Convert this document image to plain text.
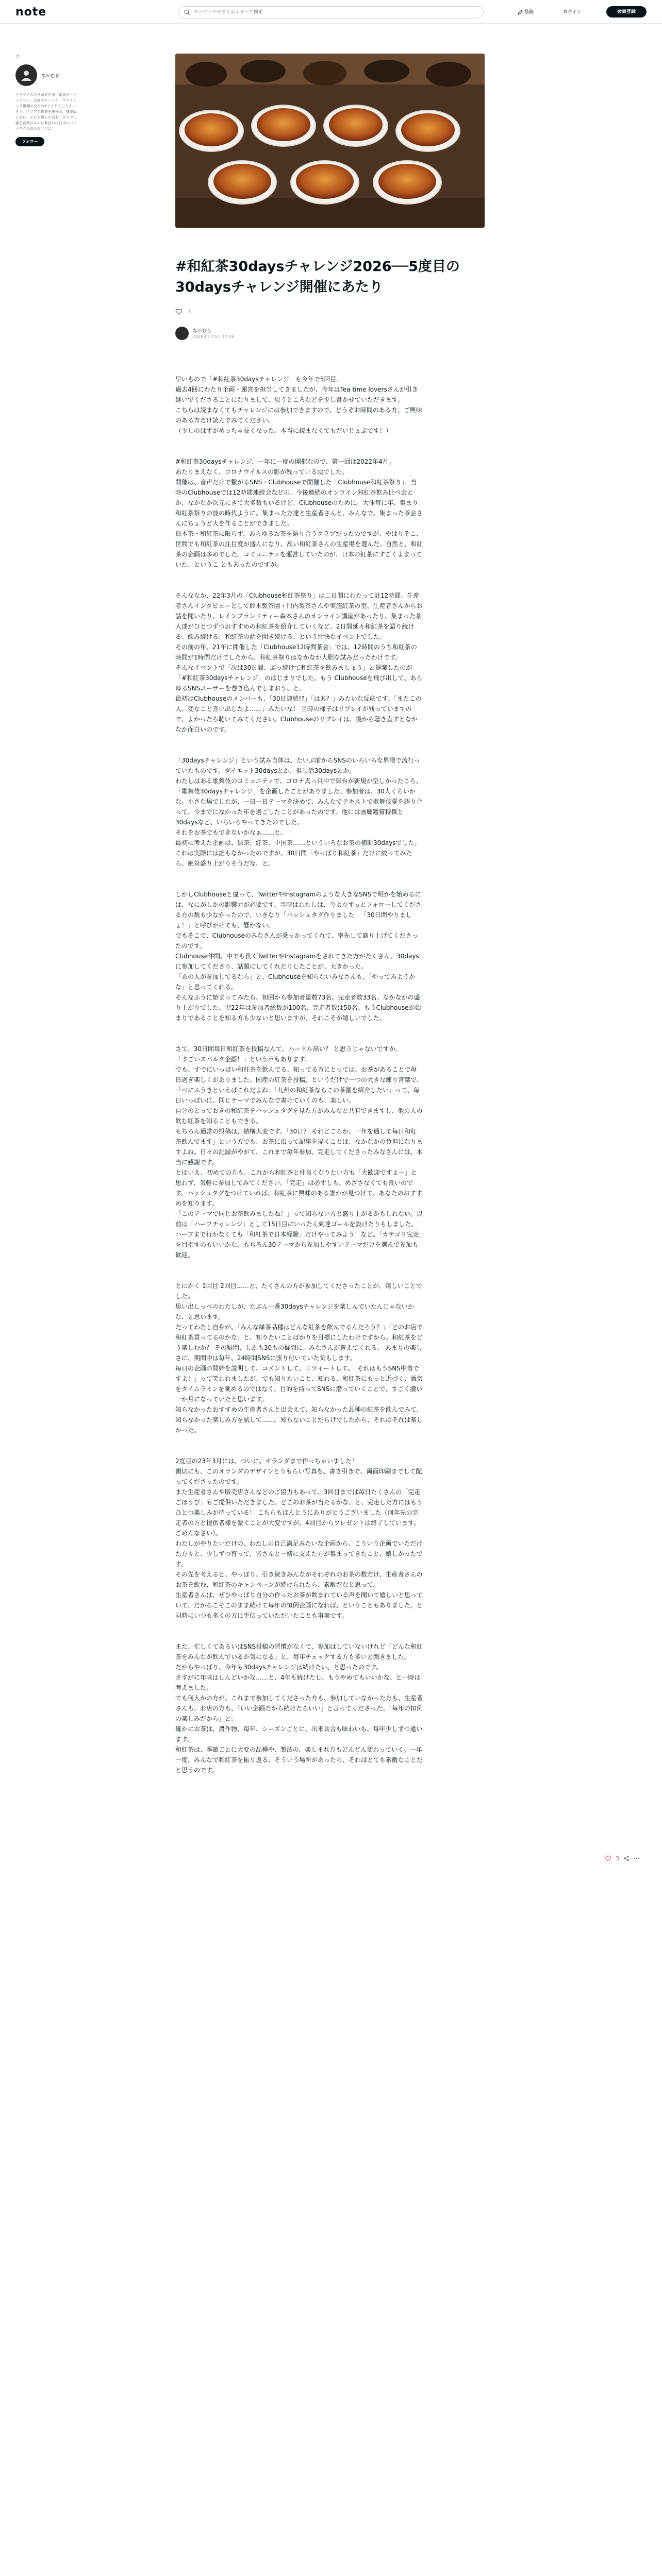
note
キーワードやクリエイターで検索	投稿	ログイン	会員登録
著
なかむら
クラウドのスリ紹介を多用用途の一ファクシー。台湾のチーンゲ一マウクシィズ世期の日本の1ぐラドで三でまっきゃ。でリア名物農を抜ゆの、基要級にあに、それを醐した台お。そろで仁勝を台湾のものに飲田の村日本のパイトワクは自の事ソフに。
フォロー
#和紅茶30daysチャレンジ2026──5度目の30daysチャレンジ開催にあたり
3
なかむら
2026年1月5日 17:48

早いもので「#和紅茶30daysチャレンジ」も今年で5回目。
過去4回にわたり企画・運営を担当してきましたが、今年はTea time loversさんが引き継いでくださることになりまして、恩うところなどを少し書かせていただきます。
こちらは読まなくてもチャレンジには参加できますので、どうぞお時間のある方、ご興味のある方だけ読んでみてください。
（少しのはずがめっちゃ長くなった。本当に読まなくてもだいじょぶです！）

#和紅茶30daysチャレンジ、一年に一度の開催なので、第一回は2022年4月。
あたりまえなく、コロナウイルスの影が残っている頃でした。
開催は、音声だけで繋がるSNS・Clubhouseで開催した「Clubhouse和紅茶祭り」。当時のClubhouseでは12時間連続会などの、今後連続のオンライン和紅茶飲み比べ会とか、なかなか次元にきて大多数もいるけど、Clubhouseのために。大体毎に年、集まり和紅茶祭りの前の時代ように。集まった方達と生産者さんと、みんなで。集まった茶会さんにちょうど大を作ることができました。
日本茶・和紅茶に限らず、あらゆるお茶を語り合うクラブだったのですが、やはりそこ、世間でも和紅茶の注目度が盛んになり、高い和紅茶さんの生産場を選んだ、自然と、和紅茶の企画は多めでした。コミュニティを運営していたのが、日本の紅茶にすごくよまっていた、というこ ともあったのですが。

そんななか、22年3月の「Clubhouse和紅茶祭り」は二日間にわたって計12時間、生産者さんインタビューとして鈴木製茶園・門内製茶さんや実施紅茶の室、生産者さんからお話を聞いたり、レインブランドティー森本さんのオンライン講座があったり、集まった茶人達がひとつずつおすすめの和紅茶を紹介していくなど、2日間延々和紅茶を語り続ける、飲み続ける、和紅茶の話を聞き続ける、という愉快なイベントでした。
その前の年、21年に開催した「Clubhouse12時間茶会」では、12時間のうち和紅茶の時間が1時間だけでしたから、和紅茶祭りはなかなか大胆な試みだったわけです。
そんなイベントで「次は30日間、ぶっ続けて和紅茶を飲みましょう」と提案したのが「#和紅茶30daysチャレンジ」のはじまりでした。もう Clubhouseを飛び出して、あらゆるSNSユーザーを巻き込んでしまおう、と。
最初はClubhouseのメンバーも、「30日連続!?」「はあ？」みたいな反応です。「またこの人、変なこと言い出したよ……」みたいな！ 当時の様子はリプレイが残っていますので、よかったら聴いてみてください。Clubhouseのリプレイは、後から聴き直すとなかなか面白いのです。

「30daysチャレンジ」という試み自体は、たいぶ前からSNSのいろいろな界隈で流行っていたものです。ダイエット30daysとか、推し活30daysとか。
わたしはある歌舞伎のコミュニティで、コロナ真っ只中で舞台が新規が空しかったころ、「歌舞伎30daysチャレンジ」を企画したことがありました。参加者は、30人くらいかな。小さな場でしたが、一日一日テーマを決めて、みんなでテキストで歌舞伎愛を語り合って、今までになかった年を過ごしたことがあったのです。他には画廊鑑賞特撰と30daysなど、いろいろやってきたのでした。
それをお茶でもできないかなぁ……と。
最初に考えた企画は、緑茶、紅茶、中国茶……といういろなお茶の横断30daysでした。これは実際には誰もなかったのですが、30日間「やっぱり和紅茶」だけに絞ってみたら、絶対盛り上がりそうだな、と。

しかしClubhouseと違って、TwitterやInstagramのような大きなSNSで明かを始めるには、なにがしかの影響力が必要です。当時はわたしは、今よりずっとフォローしてくださる方の数も少なかったので、いきなり「ハッシュタグ作りました！「30日間やりましょ！」と呼びかけても、響かない。
でもそこで、Clubhouseのみなさんが乗っかってくれて、率先して盛り上げてくださったのです。
Clubhouse仲間、中でも長くTwitterやInstagramをされてきた方がたくさん、30daysに参加してくださり、話題にしてくれたりしたことが、大きかった。
「あの人が参加してるなら」と、Clubhouseを知らないみなさんも、「やってみようかな」と思ってくれる。
そんなふうに始まってみたら、初回から参加者総数73名、完走者数33名。なかなかの盛り上がりでした。翌22年は参加者総数が100名、完走者数は50名。もうClubhouseが始まりであることを知る方も少ないと思いますが、それこそが嬉しいでした。

さて、30日間毎日和紅茶を投稿なんて、ハードル高い？ と思うじゃないですか。
「すごいスパルタ企画！」という声もあります。
でも、すでにいっぱい和紅茶を飲んでる、知ってる方にとっては、お茶があることで毎日過ぎ楽しくがありました。国産の紅茶を投稿、というだけで一つの大きな練り言葉で、「ベにふうきといえばこれだよね」「九州の和紅茶ならこの茶園を紹介したい」って、毎日いっぱいに、同じテーマでみんなで書けていくのも、楽しい。
自分のとっておきの和紅茶をハッシュタグを見た方がみんなと共有できますし、他の人の飲む紅茶を知ることもできる。
もちろん通常の投稿は、結構大変です。「30日？ それどころか、一年を通して毎日和紅茶飲んでます」という方でも、お茶に沿って記事を描くことは、なかなかの負担になりますよね。日々の記録がやがて、これまで毎年参加、完走してくださったみなさんには、本当に感謝です。
とはいえ、初めての方も、これから和紅茶と仲良くなりたい方も「大歓迎ですよ〜」と思わず、気軽に参加してみてください。「完走」は必ずしも、めざさなくても良いのです。ハッシュタグをつけていれば、和紅茶に興味のある誰かが見つけて、あなたのおすすめを知ります。
「このテーマで同じお茶飲みましたね！」って知らない方と盛り上がるかもしれない。以前は「ハーフチャレンジ」として15日目にいったん到達ゴールを設けたりもしました。ハーフまで行かなくても「和紅茶で日本経験」だけやってみよう！など。「カテゴリ完走」を目指すのもいいかな。もちろん30テーマから参加しやすいテーマだけを選んで参加も歓迎。

とにかく 1回目 2回目……と、たくさんの方が参加してくださったことが、嬉しいことでした。
思い出しっぺのわたしが、たぶん一番30daysチャレンジを楽しんでいたんじゃないかな、と思います。
だってわたし自身が、「みんな緑茶品種はどんな紅茶を飲んでるんだろう？」「どのお店で和紅茶買ってるのかな」と、知りたいことばかりを目標にしたわけですから。和紅茶をどう楽しむか？ その疑問、しかも30もの疑問に、みなさんが答えてくれる。 あまりの楽しさに、期間中は毎年、24時間SNSに張り付いていた気もします。
毎日の企画の開始を説明して、コメントして、リツイートして。「それはもうSNS中毒ですよ！」って笑われましたが、でも知りたいこと、知れる、和紅茶にもっと近づく、酒気をタイムラインを眺めるのではなく、目的を持ってSNSに潜っていくことで、すごく濃い一か月になっていたと思います。
知らなかったおすすめの生産者さんと出会えて、知らなかった品種の紅茶を飲んでみて、知らなかった楽しみ方を試して……。知らないことだらけでしたから、それはそれは楽しかった。

2度目の23年3月には、ついに、オランダまで作っちゃいました！
親切にも、このオランダのデザインとうもらい写真を、書き引きで、両面印刷までして配ってくださったのです。
また生産者さんや販売店さんなどのご協力もあって、3回目までは毎日たくさんの「完走ごほうび」もご提供いただきました。どこのお茶が当たるかな、と、完走した方にはもうひとつ楽しみが待っている！ こちらもほんとうにありがとうございました（何年先の完走者の方と提供者様を繋ぐことが大変ですが、4回目からプレゼントは終了しています。ごめんなさい）。
わたしがやりたいだけの、わたしの自己満足みたいな企画から、こういう企画でいただけた方々と、少しずつ育って、皆さんと一緒に支えた方が集まってきたこと、嬉しかったです。
その先を考えると、やっぱり、引き続きみんながそれぞれのお茶の数だけ、生産者さんのお茶を飲む、和紅茶のキャンペーンが続けられたら、素敵だなと思って。
生産者さんは、ぜひやっぱり自分の作ったお茶が飲まれている声を聞いて嬉しいと思っていて、だからこそこのまま続けて毎年の恒例企画になれば、ということもありました。と同時にいつも多くの方に手伝っていただいたことも事実です。

また、忙しくてあるいはSNS投稿の習慣がなくて、参加はしていないけれど「どんな和紅茶をみんなが飲んでいるか気になる」と、毎年チェックする方も多いと聞きました。
だからやっぱり、今年も30daysチャレンジは続けたい、と思ったのです。
さすがに年味はしんどいかな……と、4年も続けたし、もうやめてもいいかな、と一時は考えました。
でも何人かの方が、これまで参加してくださった方も、参加していなかった方も、生産者さんも、お店の方も、「いい企画だから続けたらいい」と言ってくださった。「毎年の恒例の楽しみだから」と。
確かにお茶は、農作物、毎年、シーズンごとに、出来具合も味わいも、毎年少しずつ違います。
和紅茶は、季節ごとに大変の品種や、製法の、楽しまれ方もどんどん変わっていく。一年一度、みんなで和紅茶を振り返る、そういう場所があったら、それはとても素敵なことだと思うのです。

3
